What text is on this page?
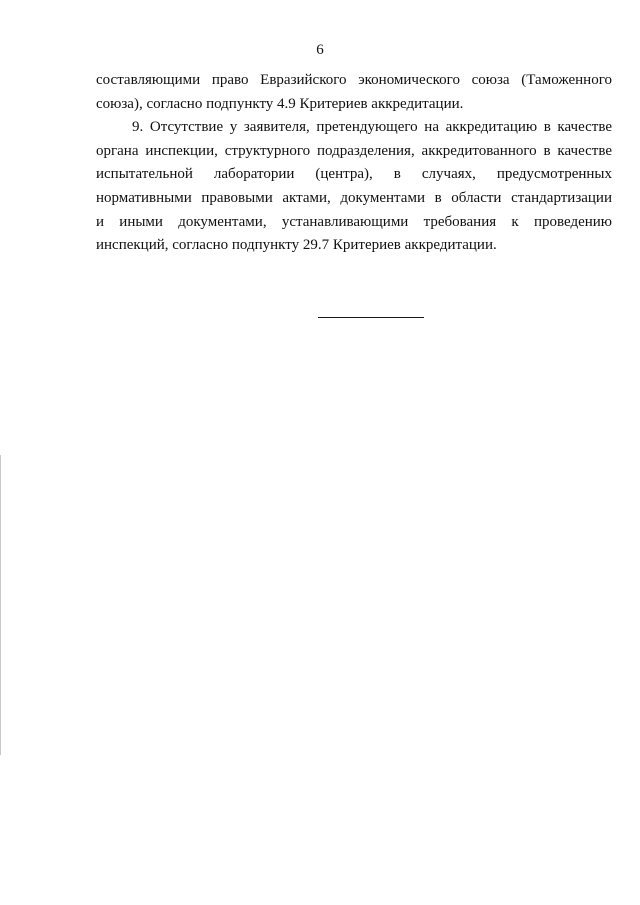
6
составляющими право Евразийского экономического союза (Таможенного
союза), согласно подпункту 4.9 Критериев аккредитации.
9. Отсутствие у заявителя, претендующего на аккредитацию в качестве
органа инспекции, структурного подразделения, аккредитованного в качестве
испытательной лаборатории (центра), в случаях, предусмотренных
нормативными правовыми актами, документами в области стандартизации
и иными документами, устанавливающими требования к проведению
инспекций, согласно подпункту 29.7 Критериев аккредитации.
